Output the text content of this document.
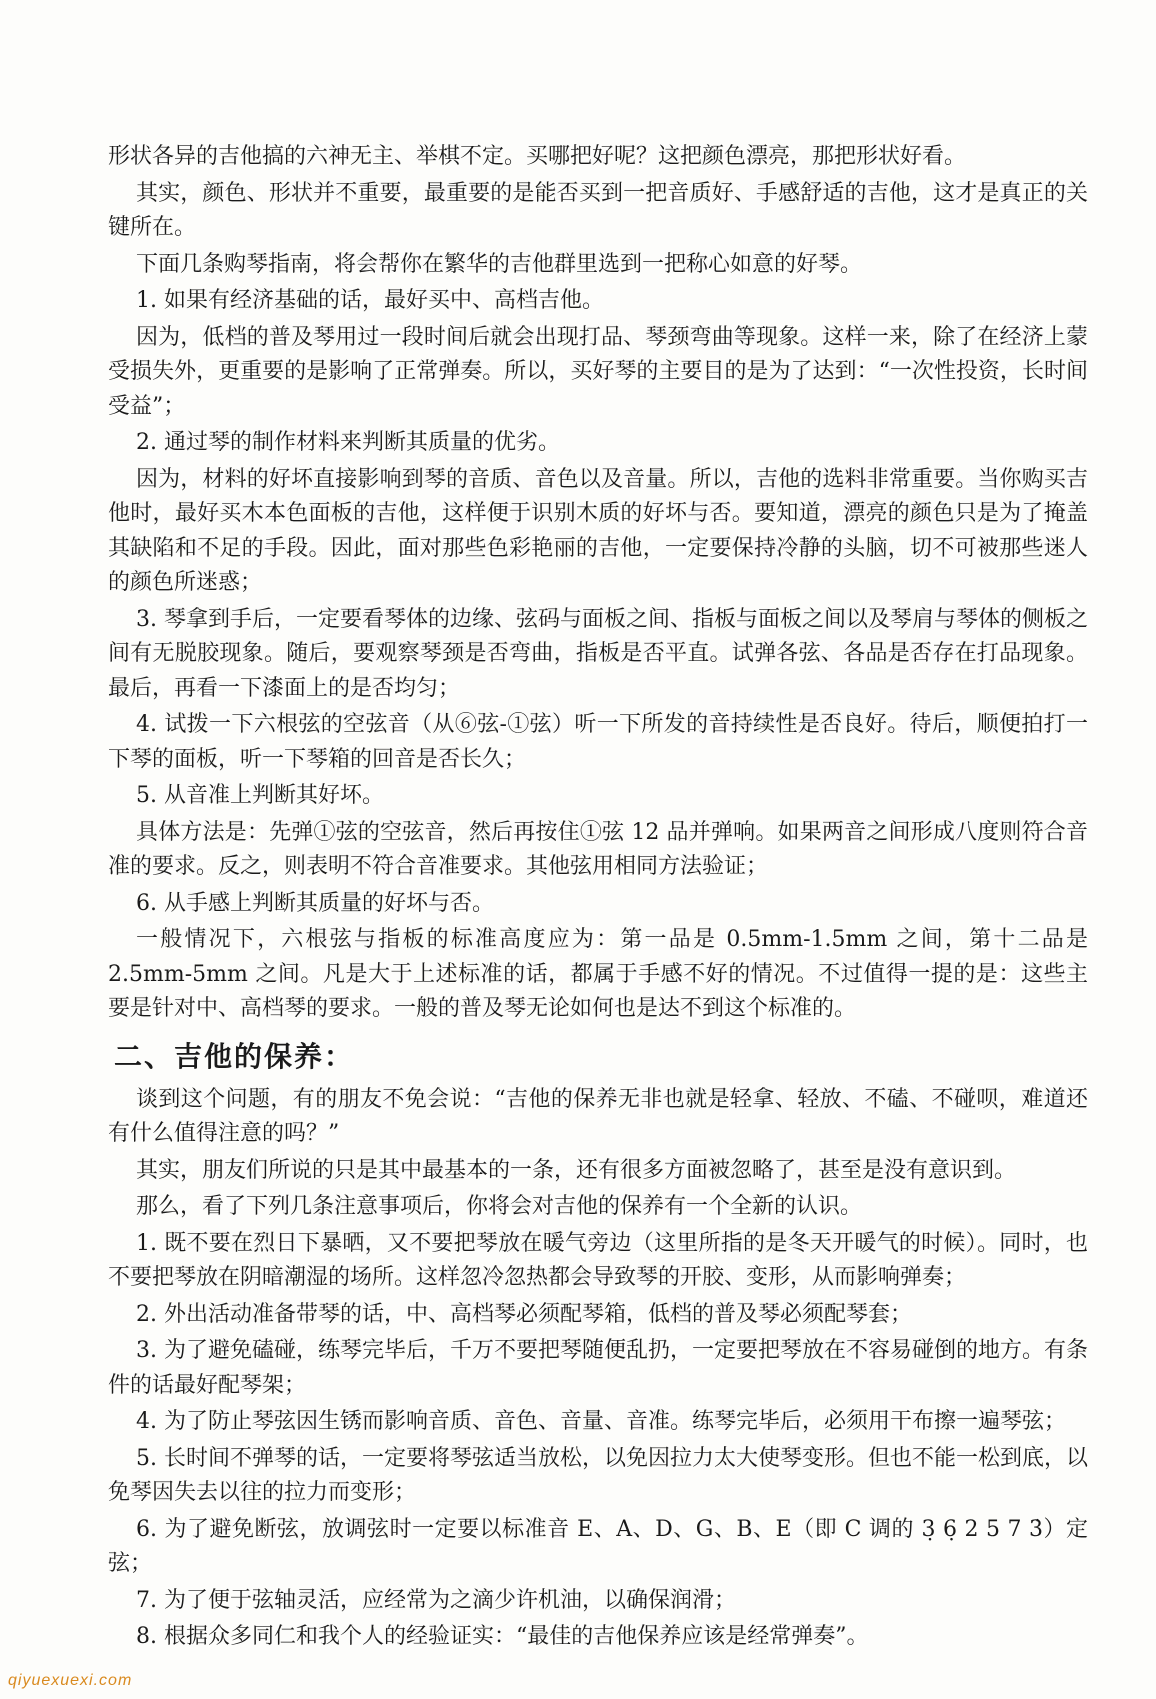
形状各异的吉他搞的六神无主、举棋不定。买哪把好呢？这把颜色漂亮，那把形状好看。

其实，颜色、形状并不重要，最重要的是能否买到一把音质好、手感舒适的吉他，这才是真正的关键所在。

下面几条购琴指南，将会帮你在繁华的吉他群里选到一把称心如意的好琴。

1. 如果有经济基础的话，最好买中、高档吉他。

因为，低档的普及琴用过一段时间后就会出现打品、琴颈弯曲等现象。这样一来，除了在经济上蒙受损失外，更重要的是影响了正常弹奏。所以，买好琴的主要目的是为了达到：“一次性投资，长时间受益”；

2. 通过琴的制作材料来判断其质量的优劣。

因为，材料的好坏直接影响到琴的音质、音色以及音量。所以，吉他的选料非常重要。当你购买吉他时，最好买木本色面板的吉他，这样便于识别木质的好坏与否。要知道，漂亮的颜色只是为了掩盖其缺陷和不足的手段。因此，面对那些色彩艳丽的吉他，一定要保持冷静的头脑，切不可被那些迷人的颜色所迷惑；

3. 琴拿到手后，一定要看琴体的边缘、弦码与面板之间、指板与面板之间以及琴肩与琴体的侧板之间有无脱胶现象。随后，要观察琴颈是否弯曲，指板是否平直。试弹各弦、各品是否存在打品现象。最后，再看一下漆面上的是否均匀；

4. 试拨一下六根弦的空弦音（从⑥弦-①弦）听一下所发的音持续性是否良好。待后，顺便拍打一下琴的面板，听一下琴箱的回音是否长久；

5. 从音准上判断其好坏。

具体方法是：先弹①弦的空弦音，然后再按住①弦 12 品并弹响。如果两音之间形成八度则符合音准的要求。反之，则表明不符合音准要求。其他弦用相同方法验证；

6. 从手感上判断其质量的好坏与否。

一般情况下，六根弦与指板的标准高度应为：第一品是 0.5mm-1.5mm 之间，第十二品是 2.5mm-5mm 之间。凡是大于上述标准的话，都属于手感不好的情况。不过值得一提的是：这些主要是针对中、高档琴的要求。一般的普及琴无论如何也是达不到这个标准的。

二、吉他的保养：

谈到这个问题，有的朋友不免会说：“吉他的保养无非也就是轻拿、轻放、不磕、不碰呗，难道还有什么值得注意的吗？”

其实，朋友们所说的只是其中最基本的一条，还有很多方面被忽略了，甚至是没有意识到。

那么，看了下列几条注意事项后，你将会对吉他的保养有一个全新的认识。

1. 既不要在烈日下暴晒，又不要把琴放在暖气旁边（这里所指的是冬天开暖气的时候）。同时，也不要把琴放在阴暗潮湿的场所。这样忽冷忽热都会导致琴的开胶、变形，从而影响弹奏；

2. 外出活动准备带琴的话，中、高档琴必须配琴箱，低档的普及琴必须配琴套；

3. 为了避免磕碰，练琴完毕后，千万不要把琴随便乱扔，一定要把琴放在不容易碰倒的地方。有条件的话最好配琴架；

4. 为了防止琴弦因生锈而影响音质、音色、音量、音准。练琴完毕后，必须用干布擦一遍琴弦；

5. 长时间不弹琴的话，一定要将琴弦适当放松，以免因拉力太大使琴变形。但也不能一松到底，以免琴因失去以往的拉力而变形；

6. 为了避免断弦，放调弦时一定要以标准音 E、A、D、G、B、E（即 C 调的 3̣ 6̣ 2 5 7 3̇）定弦；

7. 为了便于弦轴灵活，应经常为之滴少许机油，以确保润滑；

8. 根据众多同仁和我个人的经验证实：“最佳的吉他保养应该是经常弹奏”。

qiyuexuexi.com
